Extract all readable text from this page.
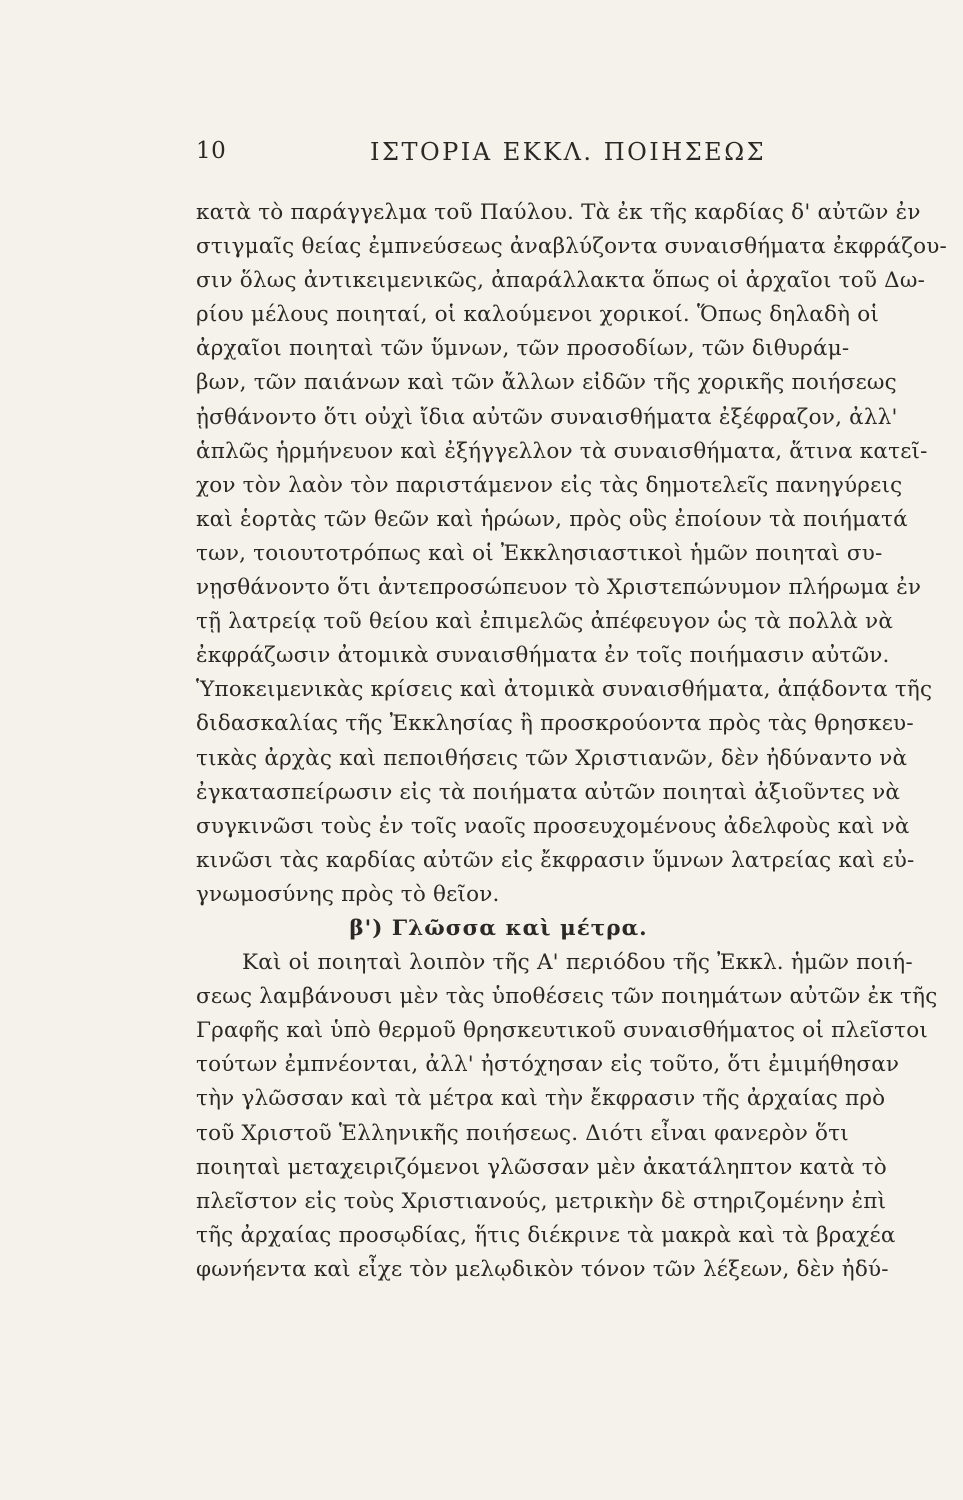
10	ΙΣΤΟΡΙΑ ΕΚΚΛ. ΠΟΙΗΣΕΩΣ
κατὰ τὸ παράγγελμα τοῦ Παύλου. Τὰ ἐκ τῆς καρδίας δ' αὐτῶν ἐν
στιγμαῖς θείας ἐμπνεύσεως ἀναβλύζοντα συναισθήματα ἐκφράζου-
σιν ὅλως ἀντικειμενικῶς, ἀπαράλλακτα ὅπως οἱ ἀρχαῖοι τοῦ Δω-
ρίου μέλους ποιηταί, οἱ καλούμενοι χορικοί. Ὅπως δηλαδὴ οἱ
ἀρχαῖοι ποιηταὶ τῶν ὕμνων, τῶν προσοδίων, τῶν διθυράμ-
βων, τῶν παιάνων καὶ τῶν ἄλλων εἰδῶν τῆς χορικῆς ποιήσεως
ᾐσθάνοντο ὅτι οὐχὶ ἴδια αὐτῶν συναισθήματα ἐξέφραζον, ἀλλ'
ἁπλῶς ἡρμήνευον καὶ ἐξήγγελλον τὰ συναισθήματα, ἅτινα κατεῖ-
χον τὸν λαὸν τὸν παριστάμενον εἰς τὰς δημοτελεῖς πανηγύρεις
καὶ ἑορτὰς τῶν θεῶν καὶ ἡρώων, πρὸς οὓς ἐποίουν τὰ ποιήματά
των, τοιουτοτρόπως καὶ οἱ Ἐκκλησιαστικοὶ ἡμῶν ποιηταὶ συ-
νῃσθάνοντο ὅτι ἀντεπροσώπευον τὸ Χριστεπώνυμον πλήρωμα ἐν
τῇ λατρείᾳ τοῦ θείου καὶ ἐπιμελῶς ἀπέφευγον ὡς τὰ πολλὰ νὰ
ἐκφράζωσιν ἀτομικὰ συναισθήματα ἐν τοῖς ποιήμασιν αὐτῶν.
Ὑποκειμενικὰς κρίσεις καὶ ἀτομικὰ συναισθήματα, ἀπᾴδοντα τῆς
διδασκαλίας τῆς Ἐκκλησίας ἢ προσκρούοντα πρὸς τὰς θρησκευ-
τικὰς ἀρχὰς καὶ πεποιθήσεις τῶν Χριστιανῶν, δὲν ἠδύναντο νὰ
ἐγκατασπείρωσιν εἰς τὰ ποιήματα αὐτῶν ποιηταὶ ἀξιοῦντες νὰ
συγκινῶσι τοὺς ἐν τοῖς ναοῖς προσευχομένους ἀδελφοὺς καὶ νὰ
κινῶσι τὰς καρδίας αὐτῶν εἰς ἔκφρασιν ὕμνων λατρείας καὶ εὐ-
γνωμοσύνης πρὸς τὸ θεῖον.
β') Γλῶσσα καὶ μέτρα.
Καὶ οἱ ποιηταὶ λοιπὸν τῆς Α' περιόδου τῆς Ἐκκλ. ἡμῶν ποιή-
σεως λαμβάνουσι μὲν τὰς ὑποθέσεις τῶν ποιημάτων αὐτῶν ἐκ τῆς
Γραφῆς καὶ ὑπὸ θερμοῦ θρησκευτικοῦ συναισθήματος οἱ πλεῖστοι
τούτων ἐμπνέονται, ἀλλ' ἠστόχησαν εἰς τοῦτο, ὅτι ἐμιμήθησαν
τὴν γλῶσσαν καὶ τὰ μέτρα καὶ τὴν ἔκφρασιν τῆς ἀρχαίας πρὸ
τοῦ Χριστοῦ Ἑλληνικῆς ποιήσεως. Διότι εἶναι φανερὸν ὅτι
ποιηταὶ μεταχειριζόμενοι γλῶσσαν μὲν ἀκατάληπτον κατὰ τὸ
πλεῖστον εἰς τοὺς Χριστιανούς, μετρικὴν δὲ στηριζομένην ἐπὶ
τῆς ἀρχαίας προσῳδίας, ἥτις διέκρινε τὰ μακρὰ καὶ τὰ βραχέα
φωνήεντα καὶ εἶχε τὸν μελῳδικὸν τόνον τῶν λέξεων, δὲν ἠδύ-
